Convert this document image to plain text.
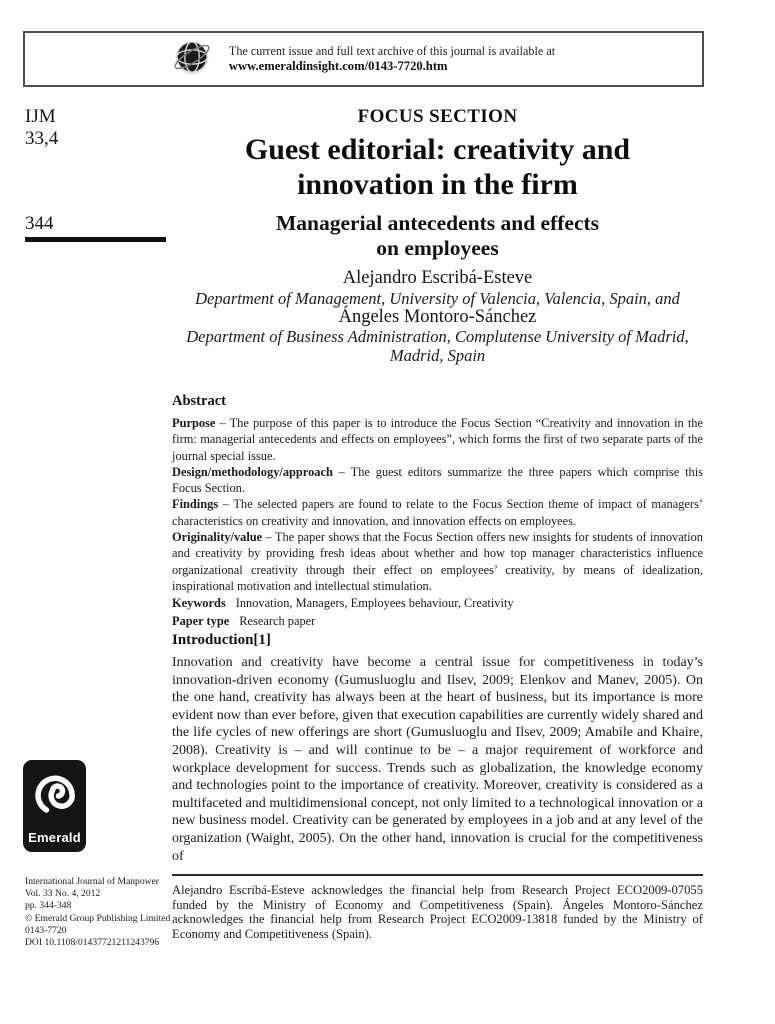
The current issue and full text archive of this journal is available at
www.emeraldinsight.com/0143-7720.htm
IJM
33,4
344
FOCUS SECTION
Guest editorial: creativity and innovation in the firm
Managerial antecedents and effects on employees
Alejandro Escribá-Esteve
Department of Management, University of Valencia, Valencia, Spain, and
Ángeles Montoro-Sánchez
Department of Business Administration, Complutense University of Madrid, Madrid, Spain
Abstract

Purpose – The purpose of this paper is to introduce the Focus Section “Creativity and innovation in the firm: managerial antecedents and effects on employees”, which forms the first of two separate parts of the journal special issue.

Design/methodology/approach – The guest editors summarize the three papers which comprise this Focus Section.

Findings – The selected papers are found to relate to the Focus Section theme of impact of managers’ characteristics on creativity and innovation, and innovation effects on employees.

Originality/value – The paper shows that the Focus Section offers new insights for students of innovation and creativity by providing fresh ideas about whether and how top manager characteristics influence organizational creativity through their effect on employees’ creativity, by means of idealization, inspirational motivation and intellectual stimulation.

Keywords Innovation, Managers, Employees behaviour, Creativity

Paper type Research paper

Introduction[1]

Innovation and creativity have become a central issue for competitiveness in today’s innovation-driven economy (Gumusluoglu and Ilsev, 2009; Elenkov and Manev, 2005). On the one hand, creativity has always been at the heart of business, but its importance is more evident now than ever before, given that execution capabilities are currently widely shared and the life cycles of new offerings are short (Gumusluoglu and Ilsev, 2009; Amabile and Khaire, 2008). Creativity is – and will continue to be – a major requirement of workforce and workplace development for success. Trends such as globalization, the knowledge economy and technologies point to the importance of creativity. Moreover, creativity is considered as a multifaceted and multidimensional concept, not only limited to a technological innovation or a new business model. Creativity can be generated by employees in a job and at any level of the organization (Waight, 2005). On the other hand, innovation is crucial for the competitiveness of

Alejandro Escribá-Esteve acknowledges the financial help from Research Project ECO2009-07055 funded by the Ministry of Economy and Competitiveness (Spain). Ángeles Montoro-Sánchez acknowledges the financial help from Research Project ECO2009-13818 funded by the Ministry of Economy and Competitiveness (Spain).
Emerald
International Journal of Manpower
Vol. 33 No. 4, 2012
pp. 344-348
© Emerald Group Publishing Limited
0143-7720
DOI 10.1108/01437721211243796
